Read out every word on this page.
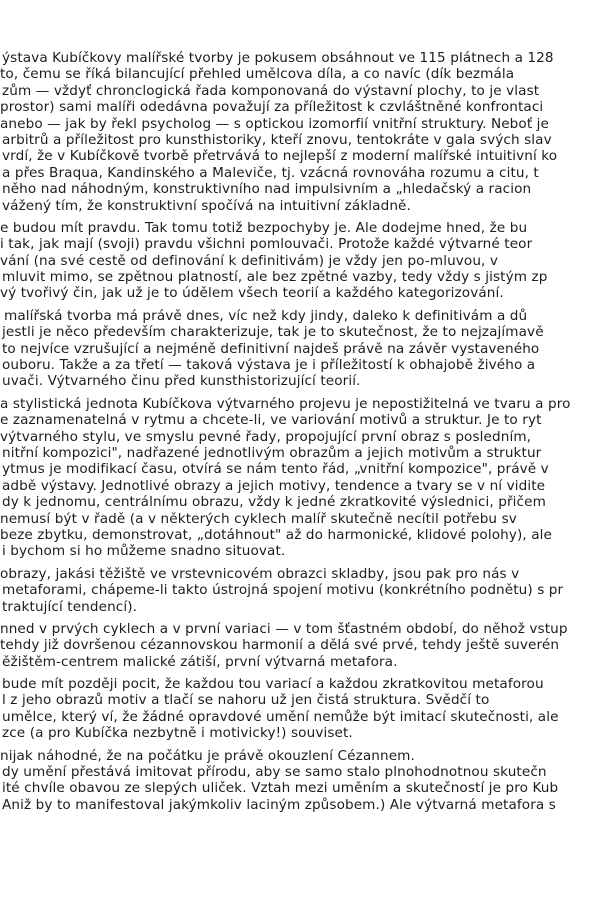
ýstava Kubíčkovy malířské tvorby je pokusem obsáhnout ve 115 plátnech a 128
to, čemu se říká bilancující přehled umělcova díla, a co navíc (dík bezmála
zům — vždyť chronclogická řada komponovaná do výstavní plochy, to je vlast
prostor) sami malíři odedávna považují za příležitost k czvláštněné konfrontaci
anebo — jak by řekl psycholog — s optickou izomorfií vnitřní struktury. Neboť je
arbitrů a příležitost pro kunsthistoriky, kteří znovu, tentokráte v gala svých slav
vrdí, že v Kubíčkově tvorbě přetrvává to nejlepší z moderní malířské intuitivní ko
a přes Braqua, Kandinského a Maleviče, tj. vzácná rovnováha rozumu a citu, t
něho nad náhodným, konstruktivního nad impulsivním a „hledačský a racion
vážený tím, že konstruktivní spočívá na intuitivní základně.
e budou mít pravdu. Tak tomu totiž bezpochyby je. Ale dodejme hned, že bu
i tak, jak mají (svoji) pravdu všichni pomlouvači. Protože každé výtvarné teor
vání (na své cestě od definování k definitivám) je vždy jen po-mluvou, v
mluvit mimo, se zpětnou platností, ale bez zpětné vazby, tedy vždy s jistým zp
vý tvořivý čin, jak už je to údělem všech teorií a každého kategorizování.
malířská tvorba má právě dnes, víc než kdy jindy, daleko k definitivám a dů
jestli je něco především charakterizuje, tak je to skutečnost, že to nejzajímavě
to nejvíce vzrušující a nejméně definitivní najdeš právě na závěr vystaveného
ouboru. Takže a za třetí — taková výstava je i příležitostí k obhajobě živého a
uvači. Výtvarného činu před kunsthistorizující teorií.
a stylistická jednota Kubíčkova výtvarného projevu je nepostižitelná ve tvaru a pro
e zaznamenatelná v rytmu a chcete-li, ve variování motivů a struktur. Je to ryt
výtvarného stylu, ve smyslu pevné řady, propojující první obraz s posledním,
nitřní kompozici", nadřazené jednotlivým obrazům a jejich motivům a struktur
ytmus je modifikací času, otvírá se nám tento řád, „vnitřní kompozice", právě v
adbě výstavy. Jednotlivé obrazy a jejich motivy, tendence a tvary se v ní vidite
dy k jednomu, centrálnímu obrazu, vždy k jedné zkratkovité výslednici, přičem
nemusí být v řadě (a v některých cyklech malíř skutečně necítil potřebu sv
beze zbytku, demonstrovat, „dotáhnout" až do harmonické, klidové polohy), ale
i bychom si ho můžeme snadno situovat.
obrazy, jakási těžiště ve vrstevnicovém obrazci skladby, jsou pak pro nás v
metaforami, chápeme-li takto ústrojná spojení motivu (konkrétního podnětu) s pr
traktující tendencí).
nned v prvých cyklech a v první variaci — v tom šťastném období, do něhož vstup
tehdy již dovršenou cézannovskou harmonií a dělá své prvé, tehdy ještě suverén
ěžištěm-centrem malické zátiší, první výtvarná metafora.
bude mít později pocit, že každou tou variací a každou zkratkovitou metaforou
l z jeho obrazů motiv a tlačí se nahoru už jen čistá struktura. Svědčí to
umělce, který ví, že žádné opravdové umění nemůže být imitací skutečnosti, ale
zce (a pro Kubíčka nezbytně i motivicky!) souviset.
nijak náhodné, že na počátku je právě okouzlení Cézannem.
dy umění přestává imitovat přírodu, aby se samo stalo plnohodnotnou skutečn
ité chvíle obavou ze slepých uliček. Vztah mezi uměním a skutečností je pro Kub
Aniž by to manifestoval jakýmkoliv laciným způsobem.) Ale výtvarná metafora s
